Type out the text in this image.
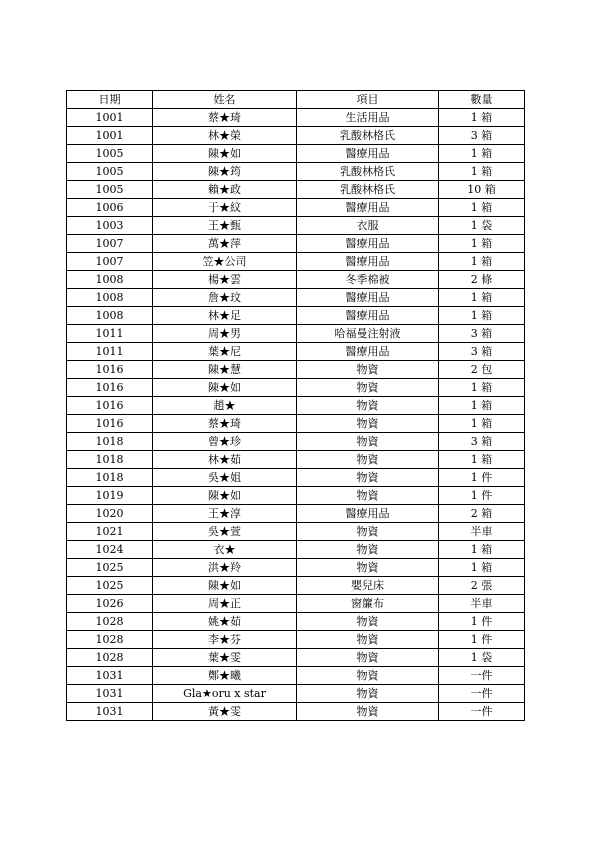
日期	姓名	項目	數量
1001	蔡★琦	生活用品	1 箱
1001	林★榮	乳酸林格氏	3 箱
1005	陳★如	醫療用品	1 箱
1005	陳★筠	乳酸林格氏	1 箱
1005	賴★政	乳酸林格氏	10 箱
1006	于★紋	醫療用品	1 箱
1003	王★甄	衣服	1 袋
1007	萬★萍	醫療用品	1 箱
1007	笠★公司	醫療用品	1 箱
1008	楊★雲	冬季棉被	2 條
1008	詹★玟	醫療用品	1 箱
1008	林★足	醫療用品	1 箱
1011	周★男	哈福曼注射液	3 箱
1011	葉★尼	醫療用品	3 箱
1016	陳★慧	物資	2 包
1016	陳★如	物資	1 箱
1016	趙★	物資	1 箱
1016	蔡★琦	物資	1 箱
1018	曾★珍	物資	3 箱
1018	林★茹	物資	1 箱
1018	吳★姐	物資	1 件
1019	陳★如	物資	1 件
1020	王★淳	醫療用品	2 箱
1021	吳★萱	物資	半車
1024	衣★	物資	1 箱
1025	洪★羚	物資	1 箱
1025	陳★如	嬰兒床	2 張
1026	周★正	窗簾布	半車
1028	姚★茹	物資	1 件
1028	李★芬	物資	1 件
1028	葉★雯	物資	1 袋
1031	鄭★曦	物資	一件
1031	Gla★oru x star	物資	一件
1031	黃★雯	物資	一件
